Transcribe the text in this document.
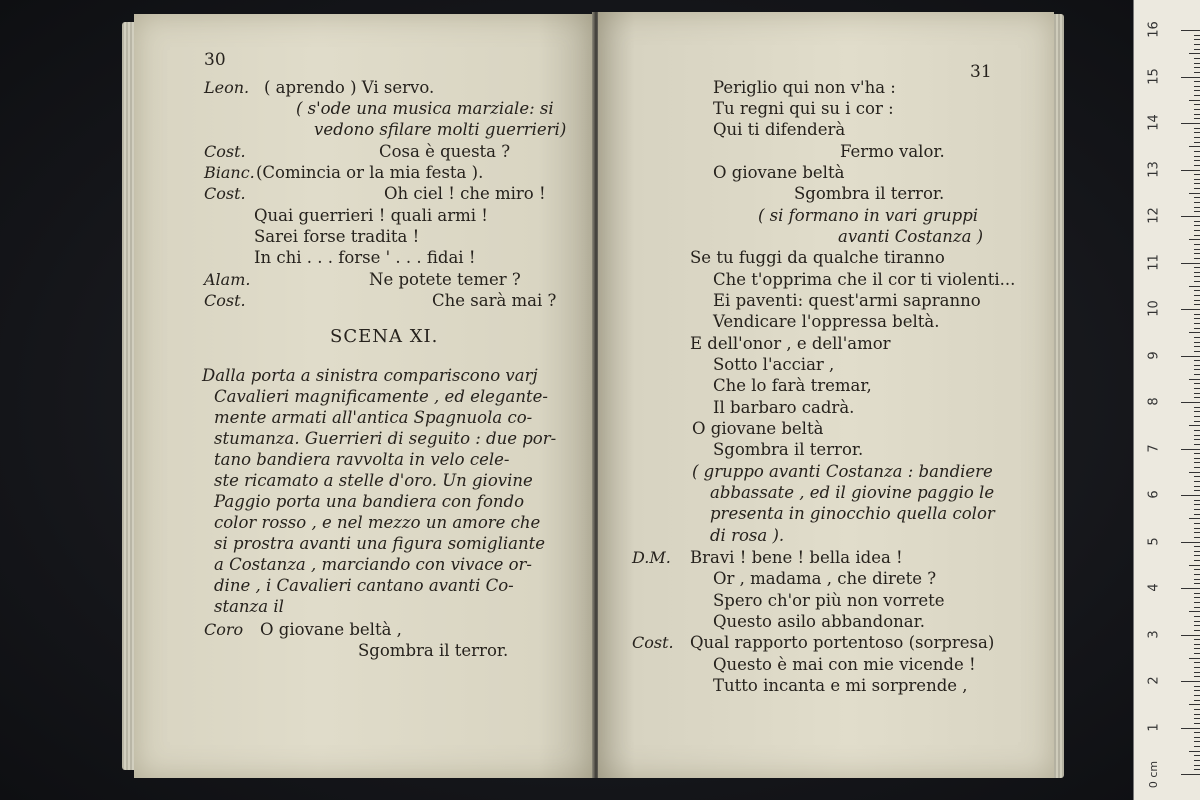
30
Leon. ( aprendo ) Vi servo.
( s'ode una musica marziale: si
vedono sfilare molti guerrieri)
Cost.	Cosa è questa ?
Bianc. (Comincia or la mia festa ).
Cost.	Oh ciel ! che miro !
Quai guerrieri ! quali armi !
Sarei forse tradita !
In chi . . . forse ' . . . fidai !
Alam.	Ne potete temer ?
Cost.	Che sarà mai ?
SCENA XI.
Dalla porta a sinistra compariscono varj
Cavalieri magnificamente , ed elegante-
mente armati all'antica Spagnuola co-
stumanza. Guerrieri di seguito : due por-
tano bandiera ravvolta in velo cele-
ste ricamato a stelle d'oro. Un giovine
Paggio porta una bandiera con fondo
color rosso , e nel mezzo un amore che
si prostra avanti una figura somigliante
a Costanza , marciando con vivace or-
dine , i Cavalieri cantano avanti Co-
stanza il
Coro O giovane beltà ,
Sgombra il terror.
31
Periglio qui non v'ha :
Tu regni qui su i cor :
Qui ti difenderà
Fermo valor.
O giovane beltà
Sgombra il terror.
( si formano in vari gruppi
avanti Costanza )
Se tu fuggi da qualche tiranno
Che t'opprima che il cor ti violenti...
Ei paventi: quest'armi sapranno
Vendicare l'oppressa beltà.
E dell'onor , e dell'amor
Sotto l'acciar ,
Che lo farà tremar,
Il barbaro cadrà.
O giovane beltà
Sgombra il terror.
( gruppo avanti Costanza : bandiere
abbassate , ed il giovine paggio le
presenta in ginocchio quella color
di rosa ).
D.M. Bravi ! bene ! bella idea !
Or , madama , che direte ?
Spero ch'or più non vorrete
Questo asilo abbandonar.
Cost. Qual rapporto portentoso (sorpresa)
Questo è mai con mie vicende !
Tutto incanta e mi sorprende ,
0 cm
16
15
14
13
12
11
10
9
8
7
6
5
4
3
2
1
